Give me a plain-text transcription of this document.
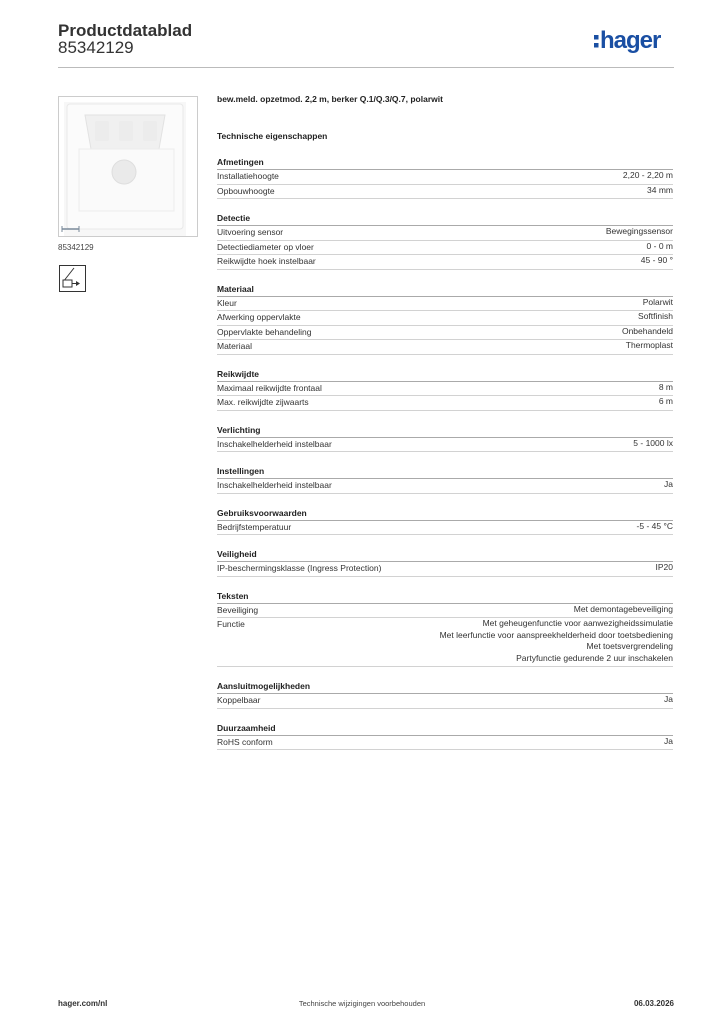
Productdatablad
85342129	hager
85342129
bew.meld. opzetmod. 2,2 m, berker Q.1/Q.3/Q.7, polarwit
Technische eigenschappen
Afmetingen
Installatiehoogte	2,20 - 2,20 m
Opbouwhoogte	34 mm
Detectie
Uitvoering sensor	Bewegingssensor
Detectiediameter op vloer	0 - 0 m
Reikwijdte hoek instelbaar	45 - 90 °
Materiaal
Kleur	Polarwit
Afwerking oppervlakte	Softfinish
Oppervlakte behandeling	Onbehandeld
Materiaal	Thermoplast
Reikwijdte
Maximaal reikwijdte frontaal	8 m
Max. reikwijdte zijwaarts	6 m
Verlichting
Inschakelhelderheid instelbaar	5 - 1000 lx
Instellingen
Inschakelhelderheid instelbaar	Ja
Gebruiksvoorwaarden
Bedrijfstemperatuur	-5 - 45 °C
Veiligheid
IP-beschermingsklasse (Ingress Protection)	IP20
Teksten
Beveiliging	Met demontagebeveiliging
Functie	Met geheugenfunctie voor aanwezigheidssimulatie
Met leerfunctie voor aanspreekhelderheid door toetsbediening
Met toetsvergrendeling
Partyfunctie gedurende 2 uur inschakelen
Aansluitmogelijkheden
Koppelbaar	Ja
Duurzaamheid
RoHS conform	Ja
hager.com/nl	Technische wijzigingen voorbehouden	06.03.2026
